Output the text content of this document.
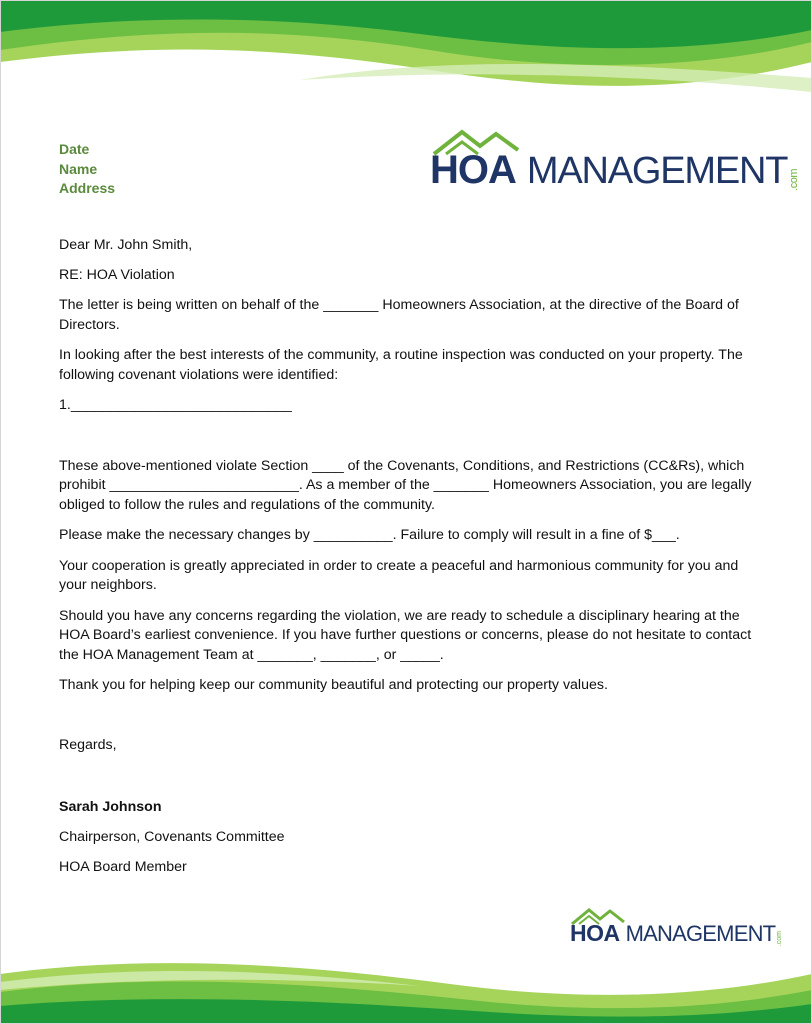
Date
Name
Address	HOA MANAGEMENT .com

Dear Mr. John Smith,

RE: HOA Violation

The letter is being written on behalf of the _______ Homeowners Association, at the directive of the Board of Directors.

In looking after the best interests of the community, a routine inspection was conducted on your property. The following covenant violations were identified:

1.____________________________

These above-mentioned violate Section ____ of the Covenants, Conditions, and Restrictions (CC&Rs), which prohibit ________________________. As a member of the _______ Homeowners Association, you are legally obliged to follow the rules and regulations of the community.

Please make the necessary changes by __________. Failure to comply will result in a fine of $___.

Your cooperation is greatly appreciated in order to create a peaceful and harmonious community for you and your neighbors.

Should you have any concerns regarding the violation, we are ready to schedule a disciplinary hearing at the HOA Board’s earliest convenience. If you have further questions or concerns, please do not hesitate to contact the HOA Management Team at _______, _______, or _____.

Thank you for helping keep our community beautiful and protecting our property values.

Regards,

Sarah Johnson
Chairperson, Covenants Committee
HOA Board Member
HOA MANAGEMENT .com
